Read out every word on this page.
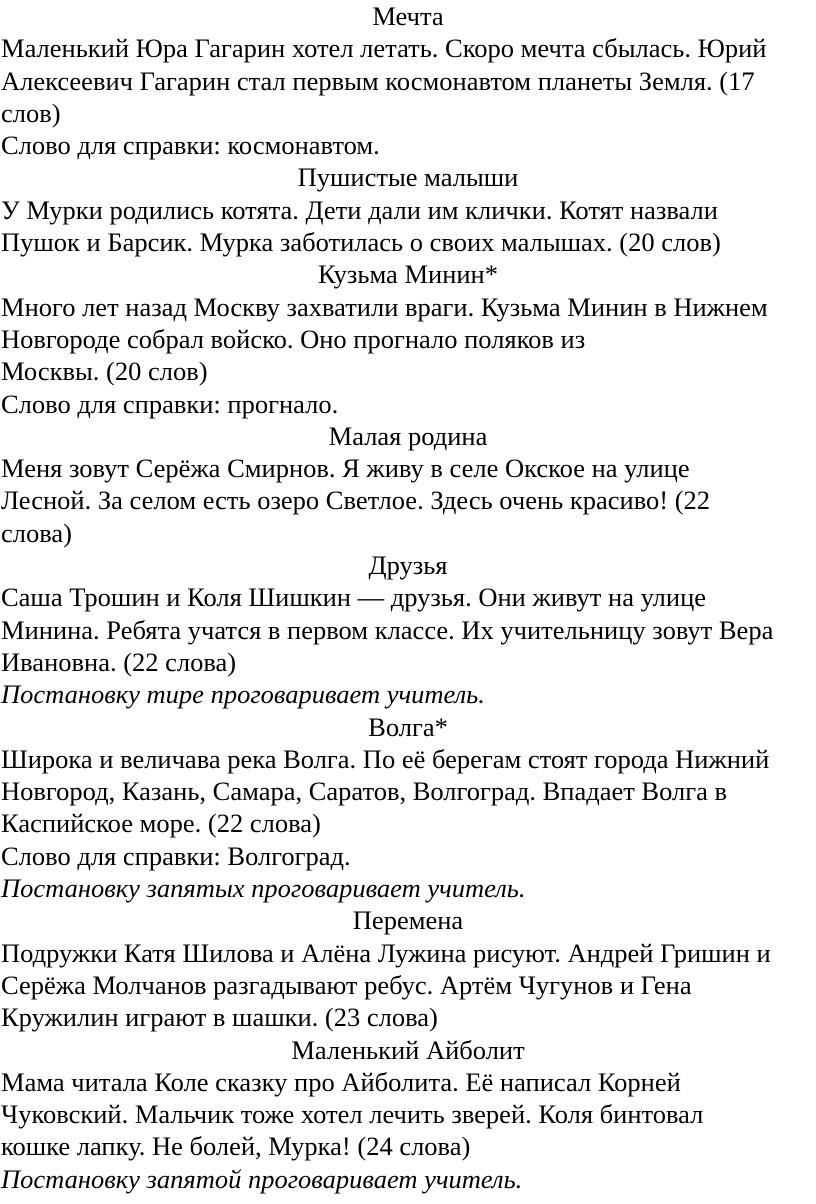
Мечта
Маленький Юра Гагарин хотел летать. Скоро мечта сбылась. Юрий
Алексеевич Гагарин стал первым космонавтом планеты Земля. (17
слов)
Слово для справки: космонавтом.
Пушистые малыши
У Мурки родились котята. Дети дали им клички. Котят назвали
Пушок и Барсик. Мурка заботилась о своих малышах. (20 слов)
Кузьма Минин*
Много лет назад Москву захватили враги. Кузьма Минин в Нижнем
Новгороде собрал войско. Оно прогнало поляков из
Москвы. (20 слов)
Слово для справки: прогнало.
Малая родина
Меня зовут Серёжа Смирнов. Я живу в селе Окское на улице
Лесной. За селом есть озеро Светлое. Здесь очень красиво! (22
слова)
Друзья
Саша Трошин и Коля Шишкин — друзья. Они живут на улице
Минина. Ребята учатся в первом классе. Их учительницу зовут Вера
Ивановна. (22 слова)
Постановку тире проговаривает учитель.
Волга*
Широка и величава река Волга. По её берегам стоят города Нижний
Новгород, Казань, Самара, Саратов, Волгоград. Впадает Волга в
Каспийское море. (22 слова)
Слово для справки: Волгоград.
Постановку запятых проговаривает учитель.
Перемена
Подружки Катя Шилова и Алёна Лужина рисуют. Андрей Гришин и
Серёжа Молчанов разгадывают ребус. Артём Чугунов и Гена
Кружилин играют в шашки. (23 слова)
Маленький Айболит
Мама читала Коле сказку про Айболита. Её написал Корней
Чуковский. Мальчик тоже хотел лечить зверей. Коля бинтовал
кошке лапку. Не болей, Мурка! (24 слова)
Постановку запятой проговаривает учитель.
